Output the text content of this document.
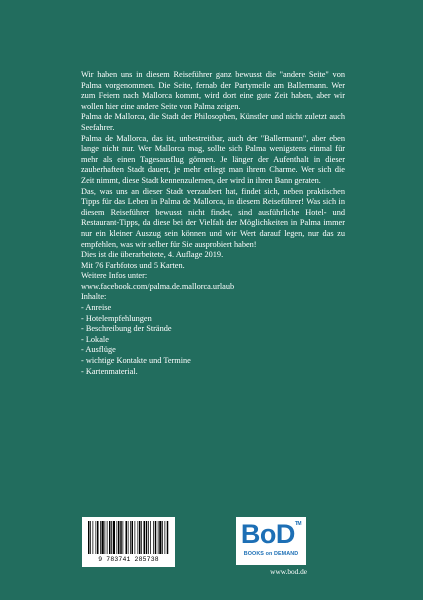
Wir haben uns in diesem Reiseführer ganz bewusst die "andere Seite" von Palma vorgenommen. Die Seite, fernab der Partymeile am Ballermann. Wer zum Feiern nach Mallorca kommt, wird dort eine gute Zeit haben, aber wir wollen hier eine andere Seite von Palma zeigen.

Palma de Mallorca, die Stadt der Philosophen, Künstler und nicht zuletzt auch Seefahrer.

Palma de Mallorca, das ist, unbestreitbar, auch der "Ballermann", aber eben lange nicht nur. Wer Mallorca mag, sollte sich Palma wenigstens einmal für mehr als einen Tagesausflug gönnen. Je länger der Aufenthalt in dieser zauberhaften Stadt dauert, je mehr erliegt man ihrem Charme. Wer sich die Zeit nimmt, diese Stadt kennenzulernen, der wird in ihren Bann geraten.

Das, was uns an dieser Stadt verzaubert hat, findet sich, neben praktischen Tipps für das Leben in Palma de Mallorca, in diesem Reiseführer! Was sich in diesem Reiseführer bewusst nicht findet, sind ausführliche Hotel- und Restaurant-Tipps, da diese bei der Vielfalt der Möglichkeiten in Palma immer nur ein kleiner Auszug sein können und wir Wert darauf legen, nur das zu empfehlen, was wir selber für Sie ausprobiert haben!

Dies ist die überarbeitete, 4. Auflage 2019.

Mit 76 Farbfotos und 5 Karten.

Weitere Infos unter:

www.facebook.com/palma.de.mallorca.urlaub

Inhalte:

- Anreise
- Hotelempfehlungen
- Beschreibung der Strände
- Lokale
- Ausflüge
- wichtige Kontakte und Termine
- Kartenmaterial.
9 783741 285738
BoD™
BOOKS on DEMAND
www.bod.de
